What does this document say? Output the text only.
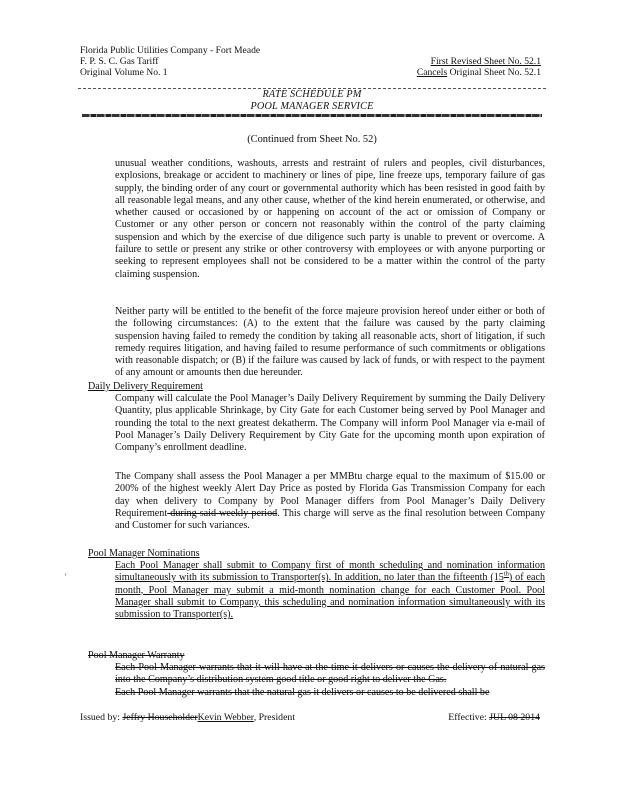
Florida Public Utilities Company - Fort Meade
F. P. S. C. Gas Tariff
Original Volume No. 1
First Revised Sheet No. 52.1
Cancels Original Sheet No. 52.1
RATE SCHEDULE PM
POOL MANAGER SERVICE
(Continued from Sheet No. 52)
unusual weather conditions, washouts, arrests and restraint of rulers and peoples, civil disturbances, explosions, breakage or accident to machinery or lines of pipe, line freeze ups, temporary failure of gas supply, the binding order of any court or governmental authority which has been resisted in good faith by all reasonable legal means, and any other cause, whether of the kind herein enumerated, or otherwise, and whether caused or occasioned by or happening on account of the act or omission of Company or Customer or any other person or concern not reasonably within the control of the party claiming suspension and which by the exercise of due diligence such party is unable to prevent or overcome. A failure to settle or present any strike or other controversy with employees or with anyone purporting or seeking to represent employees shall not be considered to be a matter within the control of the party claiming suspension.
Neither party will be entitled to the benefit of the force majeure provision hereof under either or both of the following circumstances: (A) to the extent that the failure was caused by the party claiming suspension having failed to remedy the condition by taking all reasonable acts, short of litigation, if such remedy requires litigation, and having failed to resume performance of such commitments or obligations with reasonable dispatch; or (B) if the failure was caused by lack of funds, or with respect to the payment of any amount or amounts then due hereunder.
Daily Delivery Requirement
Company will calculate the Pool Manager’s Daily Delivery Requirement by summing the Daily Delivery Quantity, plus applicable Shrinkage, by City Gate for each Customer being served by Pool Manager and rounding the total to the next greatest dekatherm. The Company will inform Pool Manager via e-mail of Pool Manager’s Daily Delivery Requirement by City Gate for the upcoming month upon expiration of Company’s enrollment deadline.
The Company shall assess the Pool Manager a per MMBtu charge equal to the maximum of $15.00 or 200% of the highest weekly Alert Day Price as posted by Florida Gas Transmission Company for each day when delivery to Company by Pool Manager differs from Pool Manager’s Daily Delivery Requirement during said weekly period. This charge will serve as the final resolution between Company and Customer for such variances.
Pool Manager Nominations
Each Pool Manager shall submit to Company first of month scheduling and nomination information simultaneously with its submission to Transporter(s). In addition, no later than the fifteenth (15th) of each month, Pool Manager may submit a mid-month nomination change for each Customer Pool. Pool Manager shall submit to Company, this scheduling and nomination information simultaneously with its submission to Transporter(s).
’
Pool Manager Warranty
Each Pool Manager warrants that it will have at the time it delivers or causes the delivery of natural gas into the Company’s distribution system good title or good right to deliver the Gas.
Each Pool Manager warrants that the natural gas it delivers or causes to be delivered shall be
Issued by: Jeffry HouseholderKevin Webber, President	Effective: JUL 08 2014
